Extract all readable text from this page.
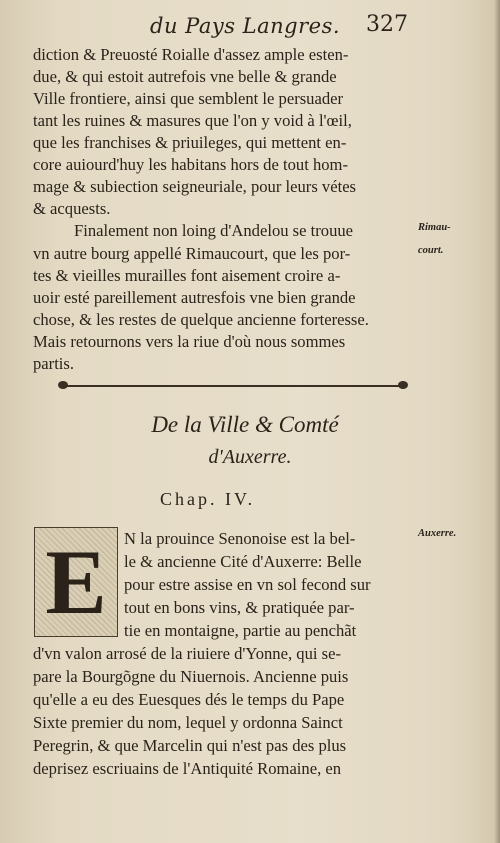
du Pays Langres. 327
diction & Preuosté Roialle d'assez ample esten-
due, & qui estoit autrefois vne belle & grande
Ville frontiere, ainsi que semblent le persuader
tant les ruines & masures que l'on y void à l'œil,
que les franchises & priuileges, qui mettent en-
core auiourd'huy les habitans hors de tout hom-
mage & subiection seigneuriale, pour leurs vétes
& acquests.
Finalement non loing d'Andelou se trouue
vn autre bourg appellé Rimaucourt, que les por-
tes & vieilles murailles font aisement croire a-
uoir esté pareillement autresfois vne bien grande
chose, & les restes de quelque ancienne forteresse.
Mais retournons vers la riue d'où nous sommes
partis.
Rimau-
court.
Auxerre.
De la Ville & Comté
d'Auxerre.
Chap. IV.
E N la prouince Senonoise est la bel-
le & ancienne Cité d'Auxerre: Belle
pour estre assise en vn sol fecond sur
tout en bons vins, & pratiquée par-
tie en montaigne, partie au penchãt
d'vn valon arrosé de la riuiere d'Yonne, qui se-
pare la Bourgõgne du Niuernois. Ancienne puis
qu'elle a eu des Euesques dés le temps du Pape
Sixte premier du nom, lequel y ordonna Sainct
Peregrin, & que Marcelin qui n'est pas des plus
deprisez escriuains de l'Antiquité Romaine, en
